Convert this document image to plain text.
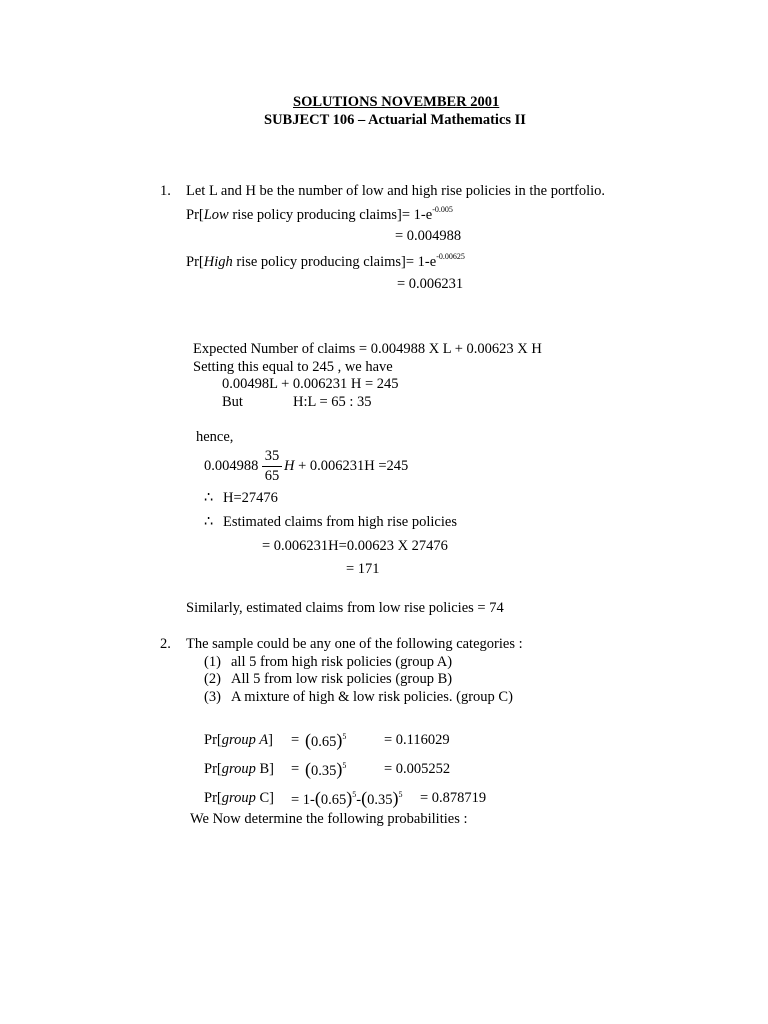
SOLUTIONS NOVEMBER 2001
SUBJECT 106 – Actuarial Mathematics II
1. Let L and H be the number of low and high rise policies in the portfolio.
Pr[Low rise policy producing claims]= $1-e^{-0.005}$
= 0.004988
Pr[High rise policy producing claims]= $1-e^{-0.00625}$
= 0.006231
Expected Number of claims = 0.004988 X L + 0.00623 X H
Setting this equal to 245 , we have
0.00498L + 0.006231 H = 245
But	H:L = 65 : 35
hence,
$0.004988 \frac{35}{65}$ H + 0.006231H =245
∴ H=27476
∴ Estimated claims from high rise policies
= 0.006231H=0.00623 X 27476
= 171
Similarly, estimated claims from low rise policies = 74
2. The sample could be any one of the following categories :
(1) all 5 from high risk policies (group A)
(2) All 5 from low risk policies (group B)
(3) A mixture of high & low risk policies. (group C)
Pr[group $A] = (0.65)^5$	= 0.116029
Pr[group $B] = (0.35)^5$	= 0.005252
Pr[group $C] = 1-(0.65)^5-(0.35)^5 = 0.878719$
We Now determine the following probabilities :
